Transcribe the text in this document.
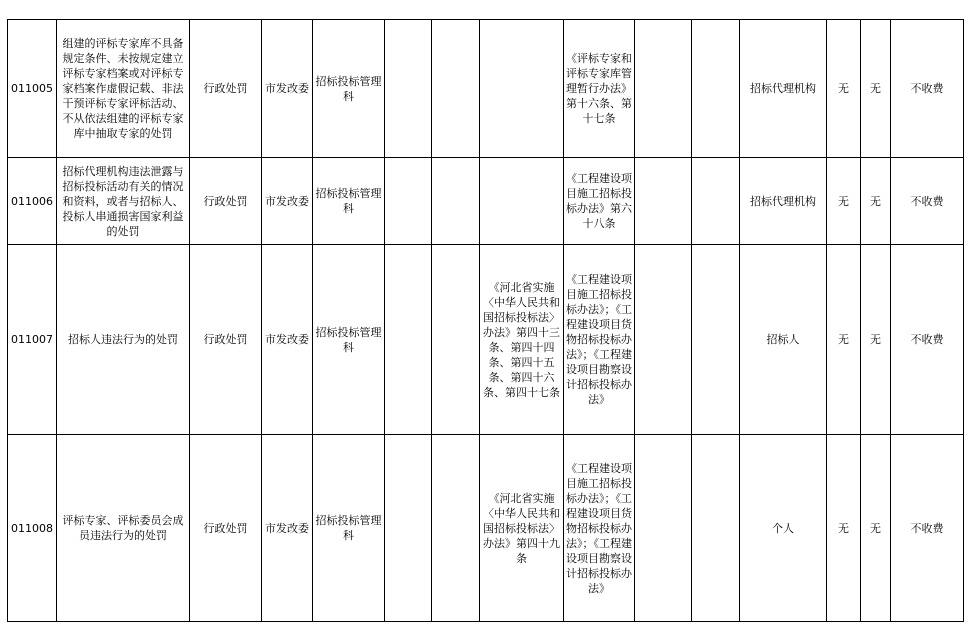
011005	组建的评标专家库不具备规定条件、未按规定建立评标专家档案或对评标专家档案作虚假记载、非法干预评标专家评标活动、不从依法组建的评标专家库中抽取专家的处罚	行政处罚	市发改委	招标投标管理科				《评标专家和评标专家库管理暂行办法》第十六条、第十七条			招标代理机构	无	无	不收费
011006	招标代理机构违法泄露与招标投标活动有关的情况和资料，或者与招标人、投标人串通损害国家利益的处罚	行政处罚	市发改委	招标投标管理科				《工程建设项目施工招标投标办法》第六十八条			招标代理机构	无	无	不收费
011007	招标人违法行为的处罚	行政处罚	市发改委	招标投标管理科			《河北省实施〈中华人民共和国招标投标法〉办法》第四十三条、第四十四条、第四十五条、第四十六条、第四十七条	《工程建设项目施工招标投标办法》；《工程建设项目货物招标投标办法》；《工程建设项目勘察设计招标投标办法》			招标人	无	无	不收费
011008	评标专家、评标委员会成员违法行为的处罚	行政处罚	市发改委	招标投标管理科			《河北省实施〈中华人民共和国招标投标法〉办法》第四十九条	《工程建设项目施工招标投标办法》；《工程建设项目货物招标投标办法》；《工程建设项目勘察设计招标投标办法》			个人	无	无	不收费
